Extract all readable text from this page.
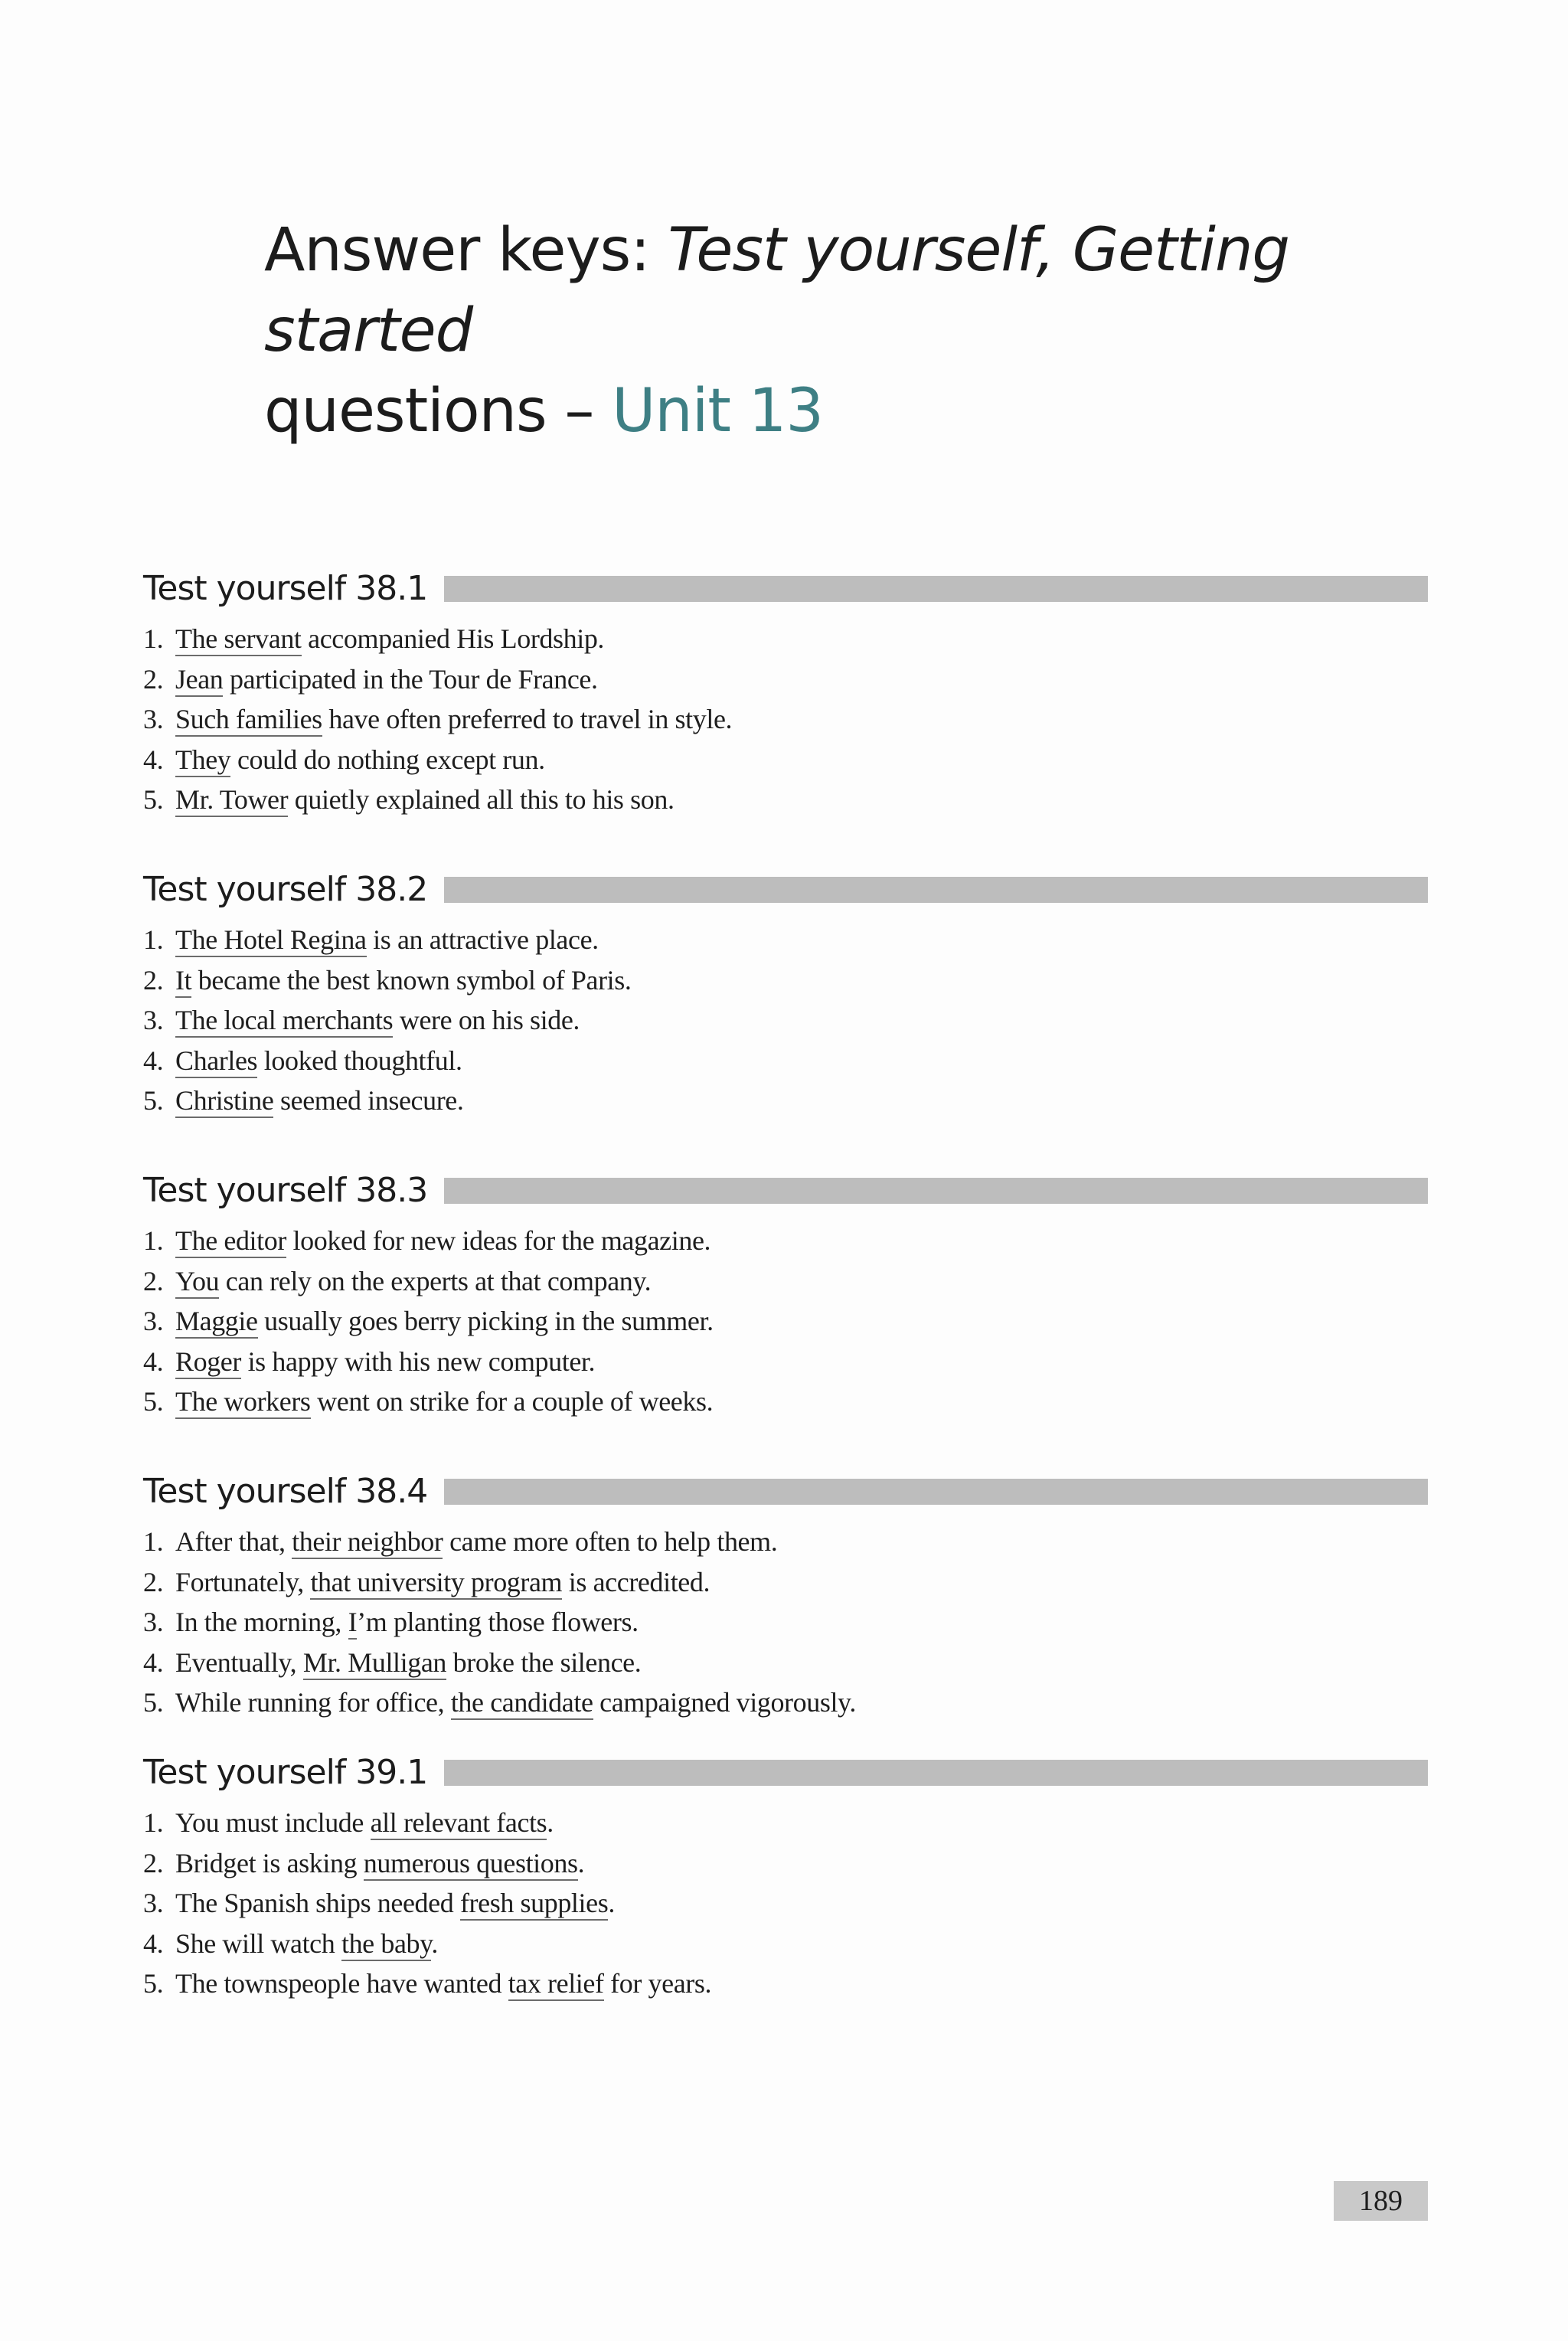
Answer keys: Test yourself, Getting started
questions – Unit 13
Test yourself 38.1
1. The servant accompanied His Lordship.
2. Jean participated in the Tour de France.
3. Such families have often preferred to travel in style.
4. They could do nothing except run.
5. Mr. Tower quietly explained all this to his son.
Test yourself 38.2
1. The Hotel Regina is an attractive place.
2. It became the best known symbol of Paris.
3. The local merchants were on his side.
4. Charles looked thoughtful.
5. Christine seemed insecure.
Test yourself 38.3
1. The editor looked for new ideas for the magazine.
2. You can rely on the experts at that company.
3. Maggie usually goes berry picking in the summer.
4. Roger is happy with his new computer.
5. The workers went on strike for a couple of weeks.
Test yourself 38.4
1. After that, their neighbor came more often to help them.
2. Fortunately, that university program is accredited.
3. In the morning, I’m planting those flowers.
4. Eventually, Mr. Mulligan broke the silence.
5. While running for office, the candidate campaigned vigorously.
Test yourself 39.1
1. You must include all relevant facts.
2. Bridget is asking numerous questions.
3. The Spanish ships needed fresh supplies.
4. She will watch the baby.
5. The townspeople have wanted tax relief for years.
189
